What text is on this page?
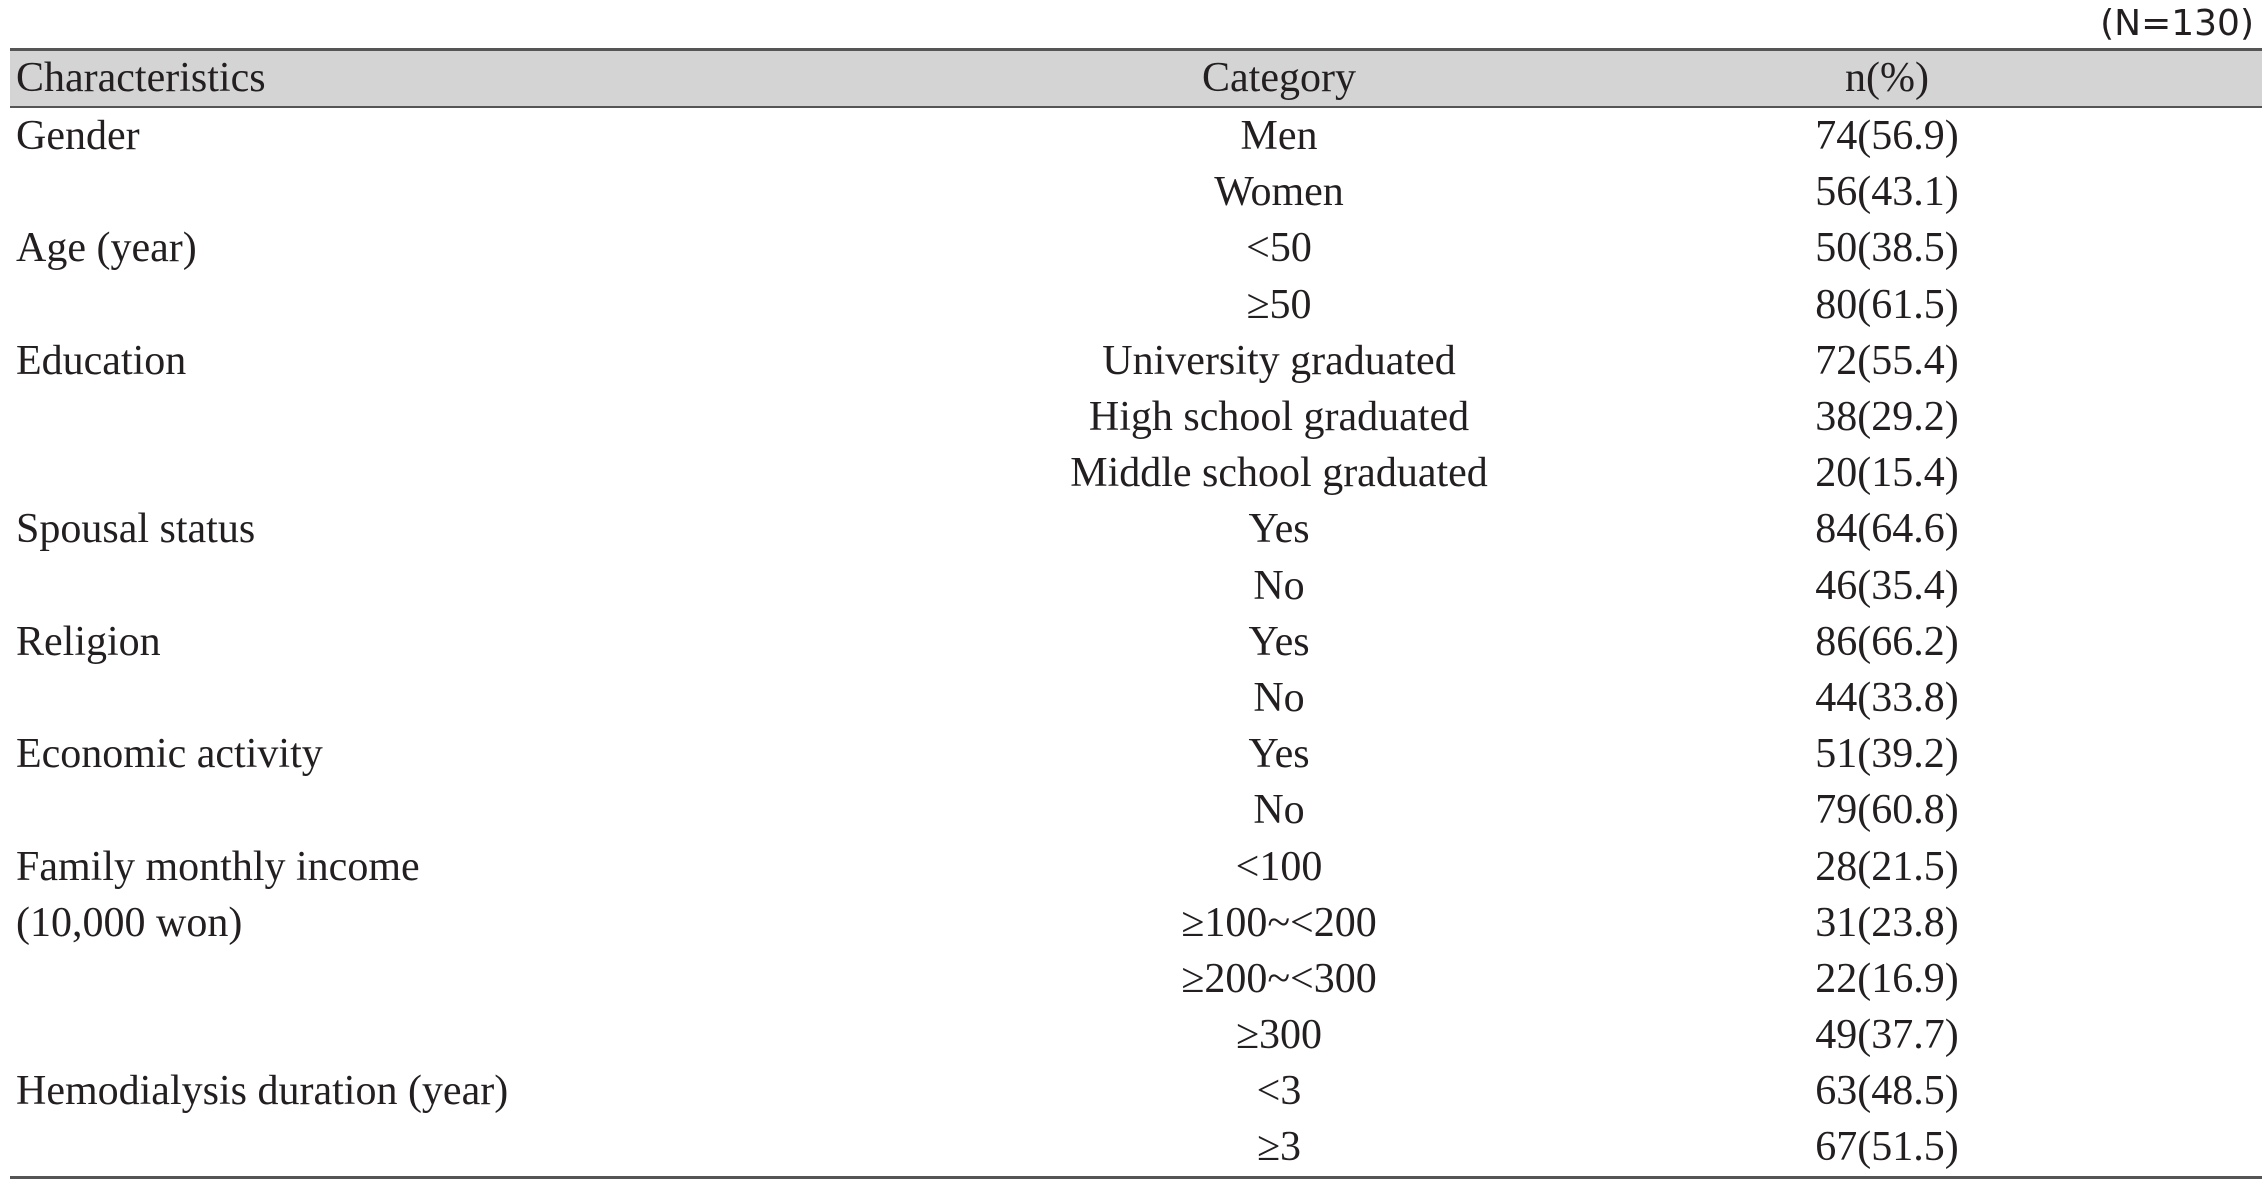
(N=130)
Characteristics	Category	n(%)
Gender	Men	74(56.9)
	Women	56(43.1)
Age (year)	<50	50(38.5)
	≥50	80(61.5)
Education	University graduated	72(55.4)
	High school graduated	38(29.2)
	Middle school graduated	20(15.4)
Spousal status	Yes	84(64.6)
	No	46(35.4)
Religion	Yes	86(66.2)
	No	44(33.8)
Economic activity	Yes	51(39.2)
	No	79(60.8)
Family monthly income	<100	28(21.5)
(10,000 won)	≥100~<200	31(23.8)
	≥200~<300	22(16.9)
	≥300	49(37.7)
Hemodialysis duration (year)	<3	63(48.5)
	≥3	67(51.5)
